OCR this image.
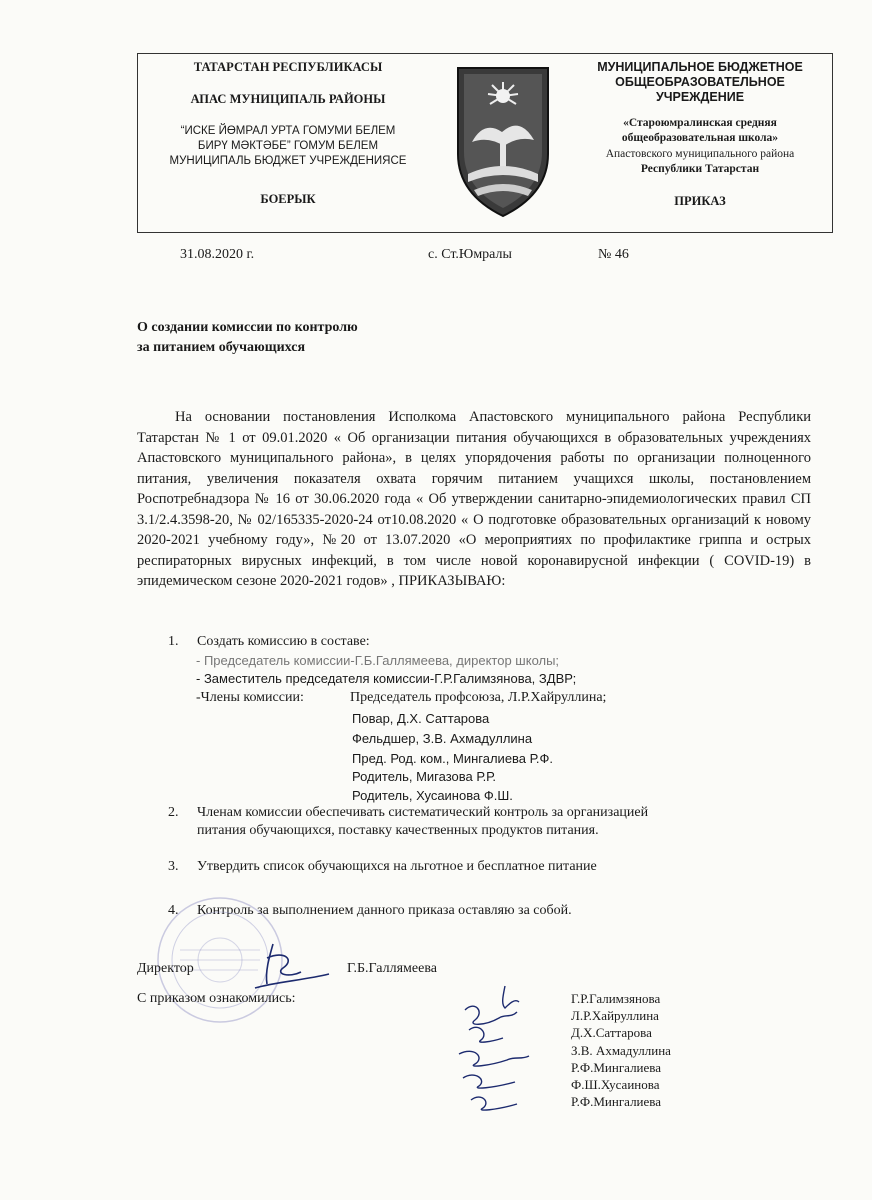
ТАТАРСТАН РЕСПУБЛИКАСЫ
АПАС МУНИЦИПАЛЬ РАЙОНЫ
“ИСКЕ ЙӨМРАЛ УРТА ГОМУМИ БЕЛЕМ
БИРҮ МӘКТӘБЕ” ГОМУМ БЕЛЕМ
МУНИЦИПАЛЬ БЮДЖЕТ УЧРЕЖДЕНИЯСЕ
БОЕРЫК
МУНИЦИПАЛЬНОЕ БЮДЖЕТНОЕ
ОБЩЕОБРАЗОВАТЕЛЬНОЕ
УЧРЕЖДЕНИЕ
«Староюмралинская средняя
общеобразовательная школа»
Апастовского муниципального района
Республики Татарстан
ПРИКАЗ
31.08.2020 г.	с. Ст.Юмралы	№ 46
О создании комиссии по контролю
за питанием обучающихся
На основании постановления Исполкома Апастовского муниципального района Республики Татарстан № 1 от 09.01.2020 « Об организации питания обучающихся в образовательных учреждениях Апастовского муниципального района», в целях упорядочения работы по организации полноценного питания, увеличения показателя охвата горячим питанием учащихся школы, постановлением Роспотребнадзора № 16 от 30.06.2020 года « Об утверждении санитарно-эпидемиологических правил СП 3.1/2.4.3598-20, № 02/165335-2020-24 от10.08.2020 « О подготовке образовательных организаций к новому 2020-2021 учебному году», №20 от 13.07.2020 «О мероприятиях по профилактике гриппа и острых респираторных вирусных инфекций, в том числе новой коронавирусной инфекции ( COVID-19) в эпидемическом сезоне 2020-2021 годов» , ПРИКАЗЫВАЮ:
1.	Создать комиссию в составе:
- Председатель комиссии-Г.Б.Галлямеева, директор школы;
- Заместитель председателя комиссии-Г.Р.Галимзянова, ЗДВР;
-Члены комиссии:	Председатель профсоюза, Л.Р.Хайруллина;
Повар, Д.Х. Саттарова
Фельдшер, З.В. Ахмадуллина
Пред. Род. ком., Мингалиева Р.Ф.
Родитель, Мигазова Р.Р.
Родитель, Хусаинова Ф.Ш.
2.	Членам комиссии обеспечивать систематический контроль за организацией
питания обучающихся, поставку качественных продуктов питания.
3.	Утвердить список обучающихся на льготное и бесплатное питание
4.	Контроль за выполнением данного приказа оставляю за собой.
Директор	Г.Б.Галлямеева
С приказом ознакомились:	Г.Р.Галимзянова
Л.Р.Хайруллина
Д.Х.Саттарова
З.В. Ахмадуллина
Р.Ф.Мингалиева
Ф.Ш.Хусаинова
Р.Ф.Мингалиева
